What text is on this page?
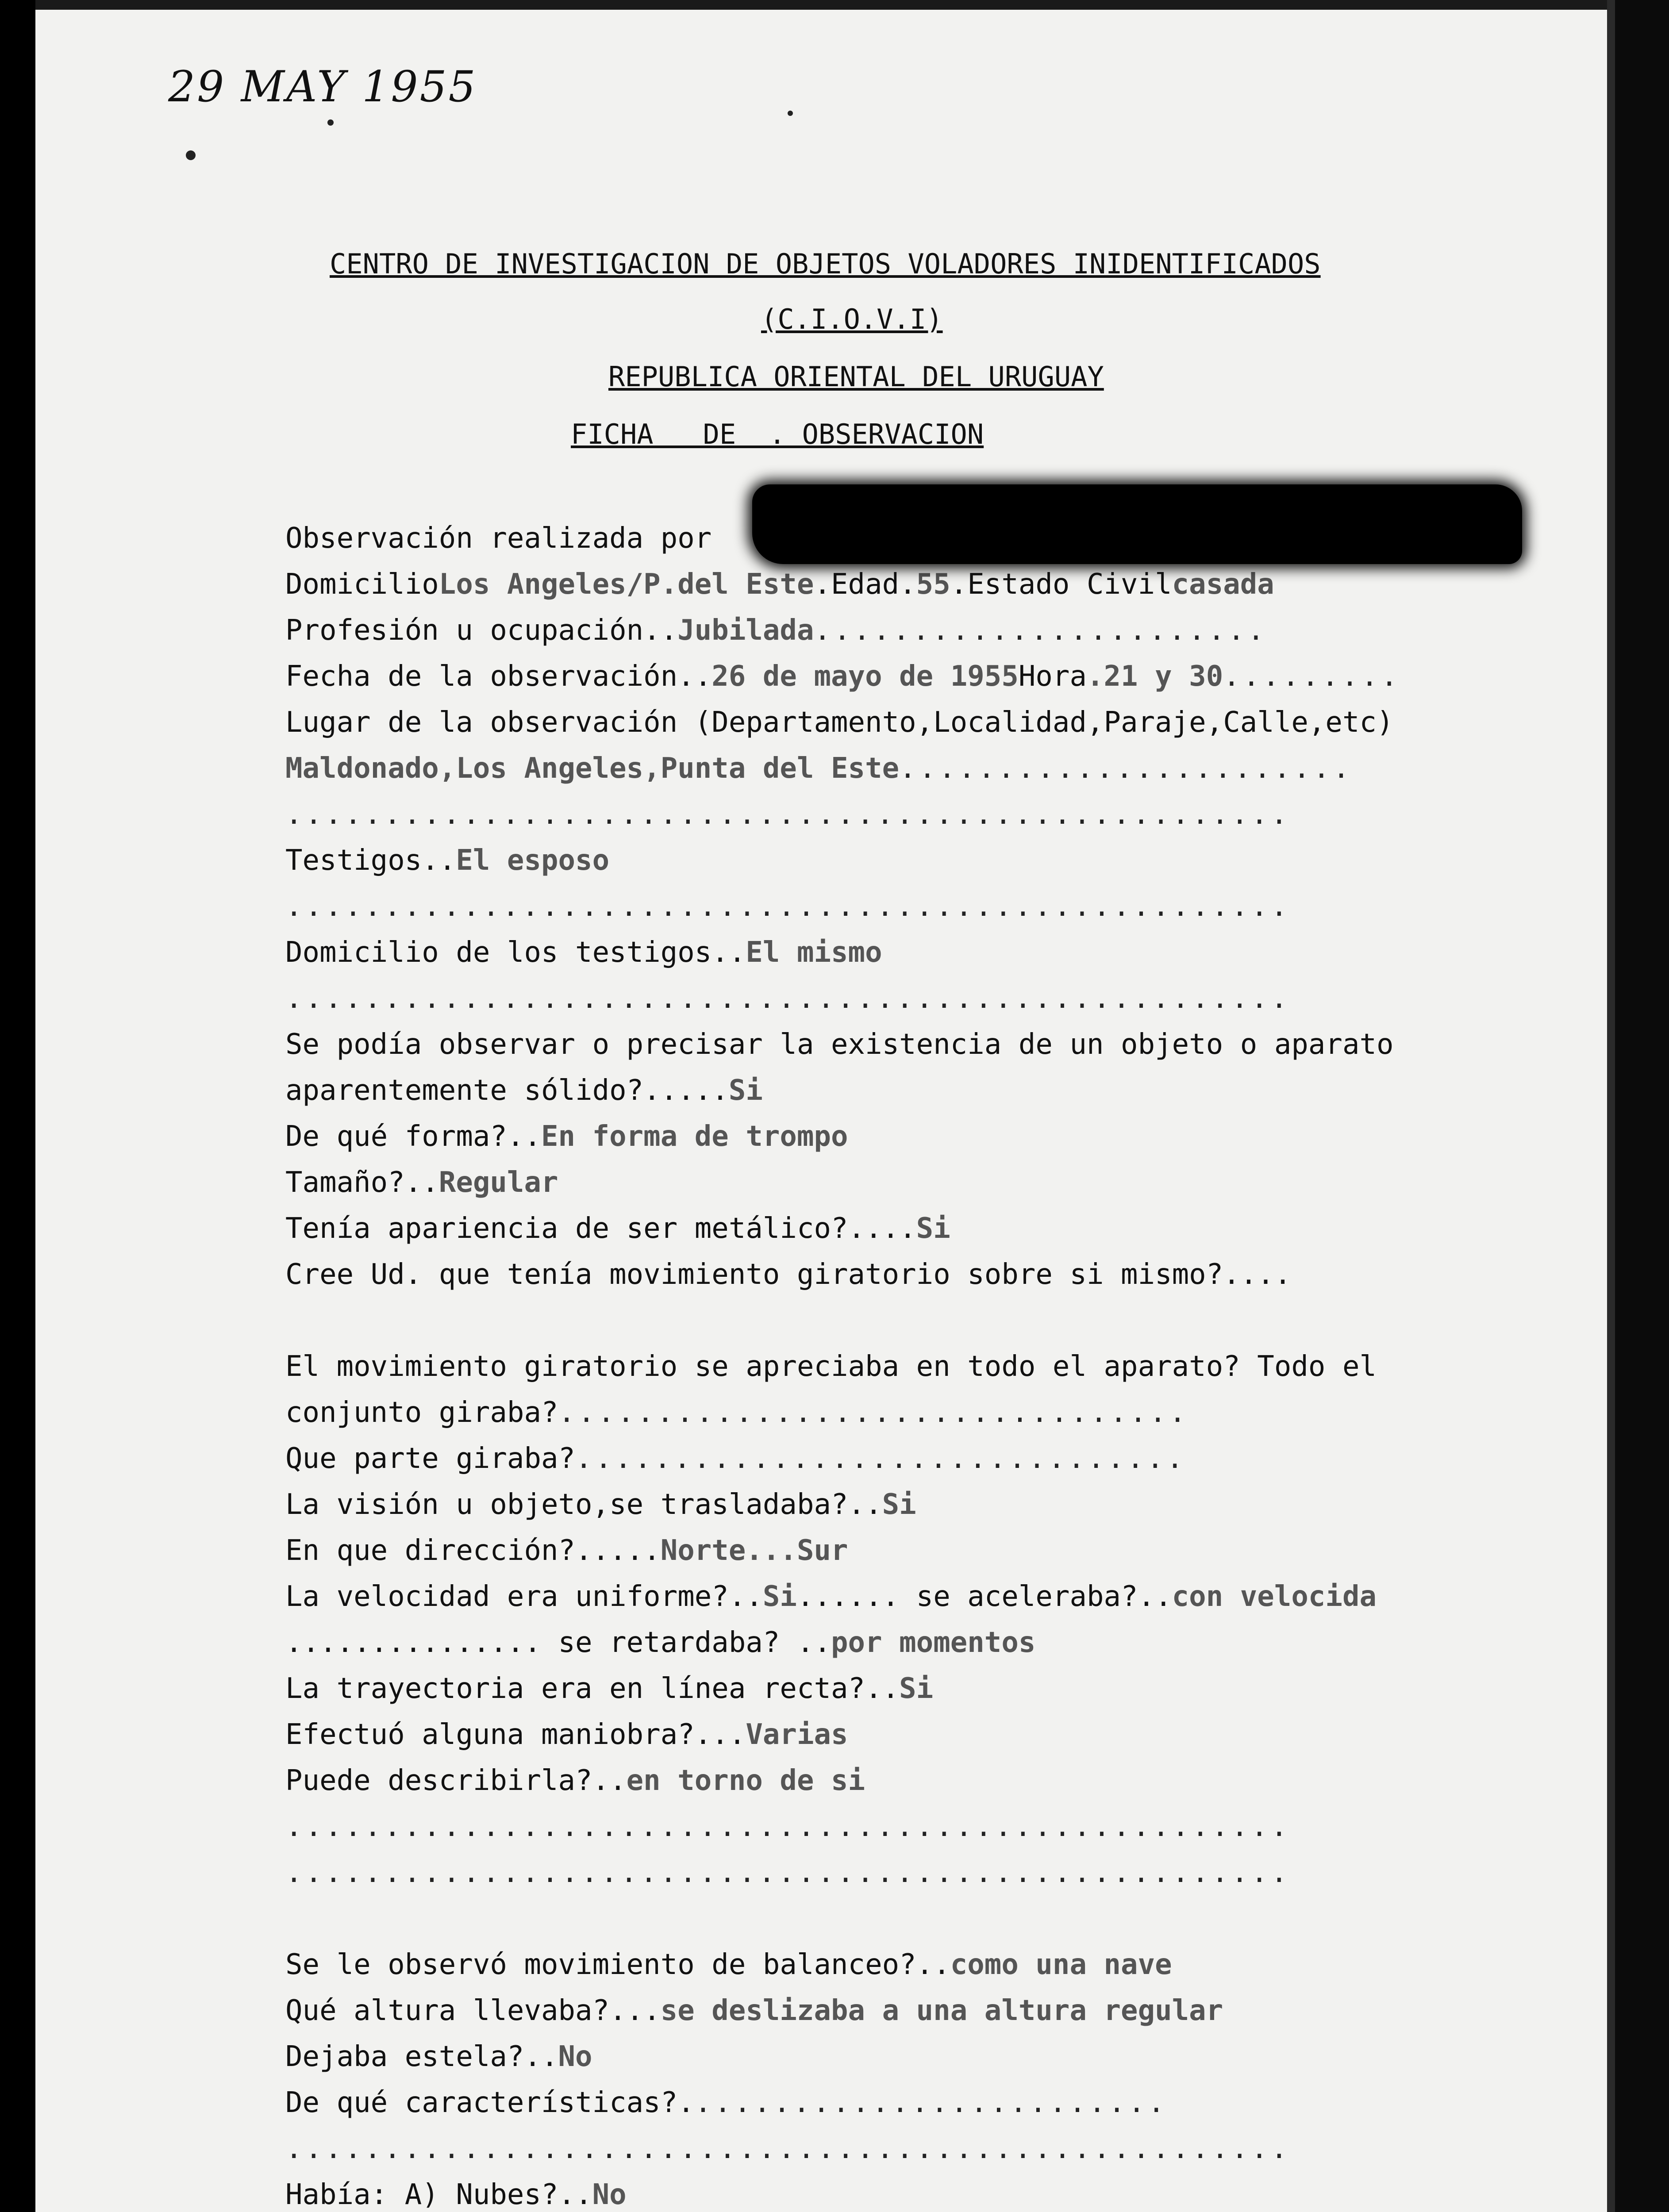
29 MAY 1955
CENTRO DE INVESTIGACION DE OBJETOS VOLADORES INIDENTIFICADOS
(C.I.O.V.I)
REPUBLICA ORIENTAL DEL URUGUAY
FICHA   DE  . OBSERVACION
Observación realizada por
DomicilioLos Angeles/P.del Este.Edad.55.Estado Civilcasada
Profesión u ocupación..Jubilada.......................
Fecha de la observación..26 de mayo de 1955Hora.21 y 30.........
Lugar de la observación (Departamento,Localidad,Paraje,Calle,etc)
Maldonado,Los Angeles,Punta del Este.......................
...................................................
Testigos..El esposo
...................................................
Domicilio de los testigos..El mismo
...................................................
Se podía observar o precisar la existencia de un objeto o aparato
aparentemente sólido?.....Si
De qué forma?..En forma de trompo
Tamaño?..Regular
Tenía apariencia de ser metálico?....Si
Cree Ud. que tenía movimiento giratorio sobre si mismo?....
El movimiento giratorio se apreciaba en todo el aparato? Todo el
conjunto giraba?................................
Que parte giraba?...............................
La visión u objeto,se trasladaba?..Si
En que dirección?.....Norte...Sur
La velocidad era uniforme?..Si...... se aceleraba?..con velocida
............... se retardaba? ..por momentos
La trayectoria era en línea recta?..Si
Efectuó alguna maniobra?...Varias
Puede describirla?..en torno de si
...................................................
...................................................
Se le observó movimiento de balanceo?..como una nave
Qué altura llevaba?...se deslizaba a una altura regular
Dejaba estela?..No
De qué características?.........................
...................................................
Había: A) Nubes?..No
